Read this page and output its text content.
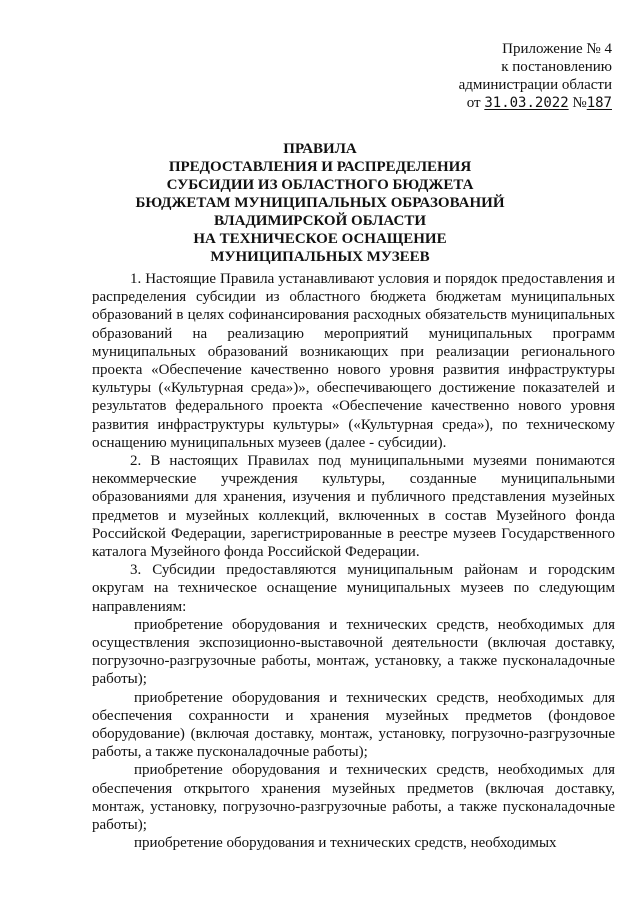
Приложение № 4
к постановлению
администрации области
от 31.03.2022 №187
ПРАВИЛА
ПРЕДОСТАВЛЕНИЯ И РАСПРЕДЕЛЕНИЯ
СУБСИДИИ ИЗ ОБЛАСТНОГО БЮДЖЕТА
БЮДЖЕТАМ МУНИЦИПАЛЬНЫХ ОБРАЗОВАНИЙ
ВЛАДИМИРСКОЙ ОБЛАСТИ
НА ТЕХНИЧЕСКОЕ ОСНАЩЕНИЕ
МУНИЦИПАЛЬНЫХ МУЗЕЕВ

1. Настоящие Правила устанавливают условия и порядок предоставления и распределения субсидии из областного бюджета бюджетам муниципальных образований в целях софинансирования расходных обязательств муниципальных образований на реализацию мероприятий муниципальных программ муниципальных образований возникающих при реализации регионального проекта «Обеспечение качественно нового уровня развития инфраструктуры культуры («Культурная среда»)», обеспечивающего достижение показателей и результатов федерального проекта «Обеспечение качественно нового уровня развития инфраструктуры культуры» («Культурная среда»), по техническому оснащению муниципальных музеев (далее - субсидии).

2. В настоящих Правилах под муниципальными музеями понимаются некоммерческие учреждения культуры, созданные муниципальными образованиями для хранения, изучения и публичного представления музейных предметов и музейных коллекций, включенных в состав Музейного фонда Российской Федерации, зарегистрированные в реестре музеев Государственного каталога Музейного фонда Российской Федерации.

3. Субсидии предоставляются муниципальным районам и городским округам на техническое оснащение муниципальных музеев по следующим направлениям:

приобретение оборудования и технических средств, необходимых для осуществления экспозиционно-выставочной деятельности (включая доставку, погрузочно-разгрузочные работы, монтаж, установку, а также пусконаладочные работы);

приобретение оборудования и технических средств, необходимых для обеспечения сохранности и хранения музейных предметов (фондовое оборудование) (включая доставку, монтаж, установку, погрузочно-разгрузочные работы, а также пусконаладочные работы);

приобретение оборудования и технических средств, необходимых для обеспечения открытого хранения музейных предметов (включая доставку, монтаж, установку, погрузочно-разгрузочные работы, а также пусконаладочные работы);

приобретение оборудования и технических средств, необходимых
